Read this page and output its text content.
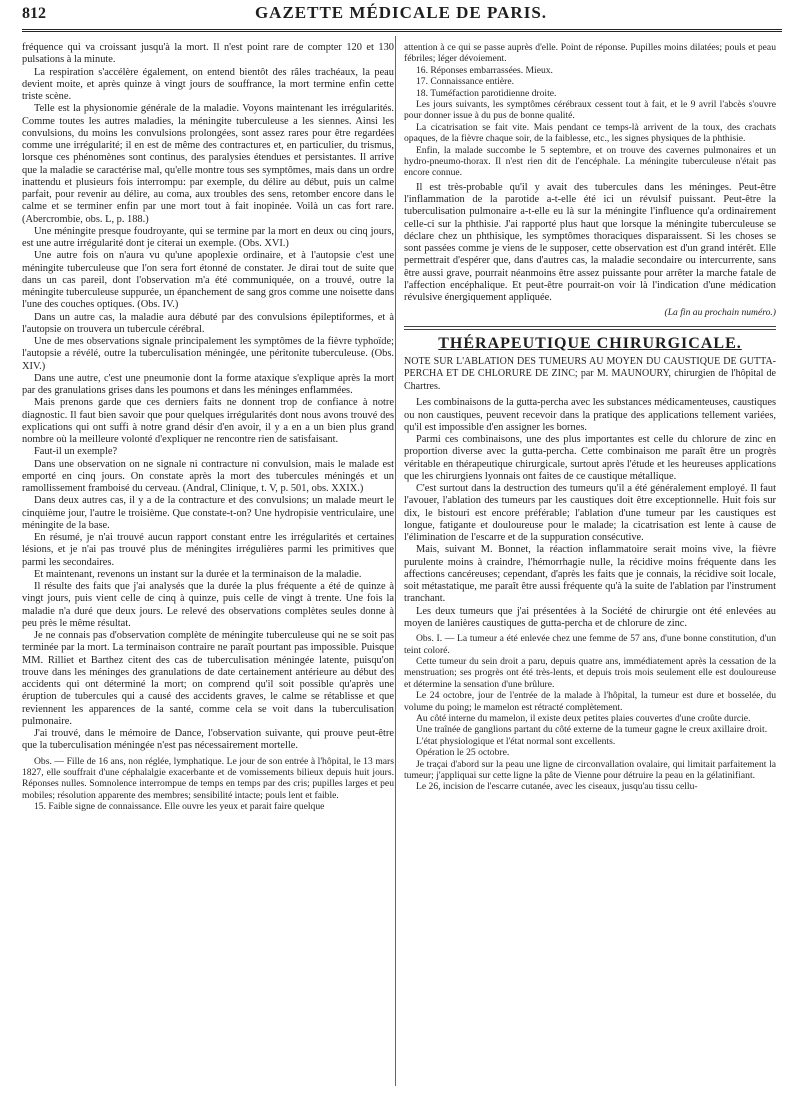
812	GAZETTE MÉDICALE DE PARIS.

fréquence qui va croissant jusqu'à la mort. Il n'est point rare de compter 120 et 130 pulsations à la minute.

La respiration s'accélère également, on entend bientôt des râles trachéaux, la peau devient moite, et après quinze à vingt jours de souffrance, la mort termine enfin cette triste scène.

Telle est la physionomie générale de la maladie. Voyons maintenant les irrégularités. Comme toutes les autres maladies, la méningite tuberculeuse a les siennes. Ainsi les convulsions, du moins les convulsions prolongées, sont assez rares pour être regardées comme une irrégularité; il en est de même des contractures et, en particulier, du trismus, lorsque ces phénomènes sont continus, des paralysies étendues et persistantes. Il arrive que la maladie se caractérise mal, qu'elle montre tous ses symptômes, mais dans un ordre inattendu et plusieurs fois interrompu: par exemple, du délire au début, puis un calme parfait, pour revenir au délire, au coma, aux troubles des sens, retomber encore dans le calme et se terminer enfin par une mort tout à fait inopinée. Voilà un cas fort rare. (Abercrombie, obs. L, p. 188.)

Une méningite presque foudroyante, qui se termine par la mort en deux ou cinq jours, est une autre irrégularité dont je citerai un exemple. (Obs. XVI.)

Une autre fois on n'aura vu qu'une apoplexie ordinaire, et à l'autopsie c'est une méningite tuberculeuse que l'on sera fort étonné de constater. Je dirai tout de suite que dans un cas pareil, dont l'observation m'a été communiquée, on a trouvé, outre la méningite tuberculeuse suppurée, un épanchement de sang gros comme une noisette dans l'une des couches optiques. (Obs. IV.)

Dans un autre cas, la maladie aura débuté par des convulsions épileptiformes, et à l'autopsie on trouvera un tubercule cérébral.

Une de mes observations signale principalement les symptômes de la fièvre typhoïde; l'autopsie a révélé, outre la tuberculisation méningée, une péritonite tuberculeuse. (Obs. XIV.)

Dans une autre, c'est une pneumonie dont la forme ataxique s'explique après la mort par des granulations grises dans les poumons et dans les méninges enflammées.

Mais prenons garde que ces derniers faits ne donnent trop de confiance à notre diagnostic. Il faut bien savoir que pour quelques irrégularités dont nous avons trouvé des explications qui ont suffi à notre grand désir d'en avoir, il y a en a un bien plus grand nombre où la meilleure volonté d'expliquer ne rencontre rien de satisfaisant.

Faut-il un exemple?

Dans une observation on ne signale ni contracture ni convulsion, mais le malade est emporté en cinq jours. On constate après la mort des tubercules méningés et un ramollissement framboisé du cerveau. (Andral, Clinique, t. V, p. 501, obs. XXIX.)

Dans deux autres cas, il y a de la contracture et des convulsions; un malade meurt le cinquième jour, l'autre le troisième. Que constate-t-on? Une hydropisie ventriculaire, une méningite de la base.

En résumé, je n'ai trouvé aucun rapport constant entre les irrégularités et certaines lésions, et je n'ai pas trouvé plus de méningites irrégulières parmi les primitives que parmi les secondaires.

Et maintenant, revenons un instant sur la durée et la terminaison de la maladie.

Il résulte des faits que j'ai analysés que la durée la plus fréquente a été de quinze à vingt jours, puis vient celle de cinq à quinze, puis celle de vingt à trente. Une fois la maladie n'a duré que deux jours. Le relevé des observations complètes seules donne à peu près le même résultat.

Je ne connais pas d'observation complète de méningite tuberculeuse qui ne se soit pas terminée par la mort. La terminaison contraire ne paraît pourtant pas impossible. Puisque MM. Rilliet et Barthez citent des cas de tuberculisation méningée latente, puisqu'on trouve dans les méninges des granulations de date certainement antérieure au début des accidents qui ont déterminé la mort; on comprend qu'il soit possible qu'après une éruption de tubercules qui a causé des accidents graves, le calme se rétablisse et que reviennent les apparences de la santé, comme cela se voit dans la tuberculisation pulmonaire.

J'ai trouvé, dans le mémoire de Dance, l'observation suivante, qui prouve peut-être que la tuberculisation méningée n'est pas nécessairement mortelle.

Obs. — Fille de 16 ans, non réglée, lymphatique. Le jour de son entrée à l'hôpital, le 13 mars 1827, elle souffrait d'une céphalalgie exacerbante et de vomissements bilieux depuis huit jours. Réponses nulles. Somnolence interrompue de temps en temps par des cris; pupilles larges et peu mobiles; résolution apparente des membres; sensibilité intacte; pouls lent et faible.

15. Faible signe de connaissance. Elle ouvre les yeux et parait faire quelque

attention à ce qui se passe auprès d'elle. Point de réponse. Pupilles moins dilatées; pouls et peau fébriles; léger dévoiement.

16. Réponses embarrassées. Mieux.

17. Connaissance entière.

18. Tuméfaction parotidienne droite.

Les jours suivants, les symptômes cérébraux cessent tout à fait, et le 9 avril l'abcès s'ouvre pour donner issue à du pus de bonne qualité.

La cicatrisation se fait vite. Mais pendant ce temps-là arrivent de la toux, des crachats opaques, de la fièvre chaque soir, de la faiblesse, etc., les signes physiques de la phthisie.

Enfin, la malade succombe le 5 septembre, et on trouve des cavernes pulmonaires et un hydro-pneumo-thorax. Il n'est rien dit de l'encéphale. La méningite tuberculeuse n'était pas encore connue.

Il est très-probable qu'il y avait des tubercules dans les méninges. Peut-être l'inflammation de la parotide a-t-elle été ici un révulsif puissant. Peut-être la tuberculisation pulmonaire a-t-elle eu là sur la méningite l'influence qu'a ordinairement celle-ci sur la phthisie. J'ai rapporté plus haut que lorsque la méningite tuberculeuse se déclare chez un phthisique, les symptômes thoraciques disparaissent. Si les choses se sont passées comme je viens de le supposer, cette observation est d'un grand intérêt. Elle permettrait d'espérer que, dans d'autres cas, la maladie secondaire ou intercurrente, sans être aussi grave, pourrait néanmoins être assez puissante pour arrêter la marche fatale de l'affection encéphalique. Et peut-être pourrait-on voir là l'indication d'une médication révulsive énergiquement appliquée.

(La fin au prochain numéro.)
THÉRAPEUTIQUE CHIRURGICALE.

NOTE SUR L'ABLATION DES TUMEURS AU MOYEN DU CAUSTIQUE DE GUTTA-PERCHA ET DE CHLORURE DE ZINC; par M. MAUNOURY, chirurgien de l'hôpital de Chartres.

Les combinaisons de la gutta-percha avec les substances médicamenteuses, caustiques ou non caustiques, peuvent recevoir dans la pratique des applications tellement variées, qu'il est impossible d'en assigner les bornes.

Parmi ces combinaisons, une des plus importantes est celle du chlorure de zinc en proportion diverse avec la gutta-percha. Cette combinaison me paraît être un progrès véritable en thérapeutique chirurgicale, surtout après l'étude et les heureuses applications que les chirurgiens lyonnais ont faites de ce caustique métallique.

C'est surtout dans la destruction des tumeurs qu'il a été généralement employé. Il faut l'avouer, l'ablation des tumeurs par les caustiques doit être exceptionnelle. Huit fois sur dix, le bistouri est encore préférable; l'ablation d'une tumeur par les caustiques est longue, fatigante et douloureuse pour le malade; la cicatrisation est lente à cause de l'élimination de l'escarre et de la suppuration consécutive.

Mais, suivant M. Bonnet, la réaction inflammatoire serait moins vive, la fièvre purulente moins à craindre, l'hémorrhagie nulle, la récidive moins fréquente dans les affections cancéreuses; cependant, d'après les faits que je connais, la récidive soit locale, soit métastatique, me paraît être aussi fréquente qu'à la suite de l'ablation par l'instrument tranchant.

Les deux tumeurs que j'ai présentées à la Société de chirurgie ont été enlevées au moyen de lanières caustiques de gutta-percha et de chlorure de zinc.

Obs. I. — La tumeur a été enlevée chez une femme de 57 ans, d'une bonne constitution, d'un teint coloré.

Cette tumeur du sein droit a paru, depuis quatre ans, immédiatement après la cessation de la menstruation; ses progrès ont été très-lents, et depuis trois mois seulement elle est douloureuse et détermine la sensation d'une brûlure.

Le 24 octobre, jour de l'entrée de la malade à l'hôpital, la tumeur est dure et bosselée, du volume du poing; le mamelon est rétracté complètement.

Au côté interne du mamelon, il existe deux petites plaies couvertes d'une croûte durcie.

Une traînée de ganglions partant du côté externe de la tumeur gagne le creux axillaire droit.

L'état physiologique et l'état normal sont excellents.

Opération le 25 octobre.

Je traçai d'abord sur la peau une ligne de circonvallation ovalaire, qui limitait parfaitement la tumeur; j'appliquai sur cette ligne la pâte de Vienne pour détruire la peau en la gélatinifiant.

Le 26, incision de l'escarre cutanée, avec les ciseaux, jusqu'au tissu cellu-
